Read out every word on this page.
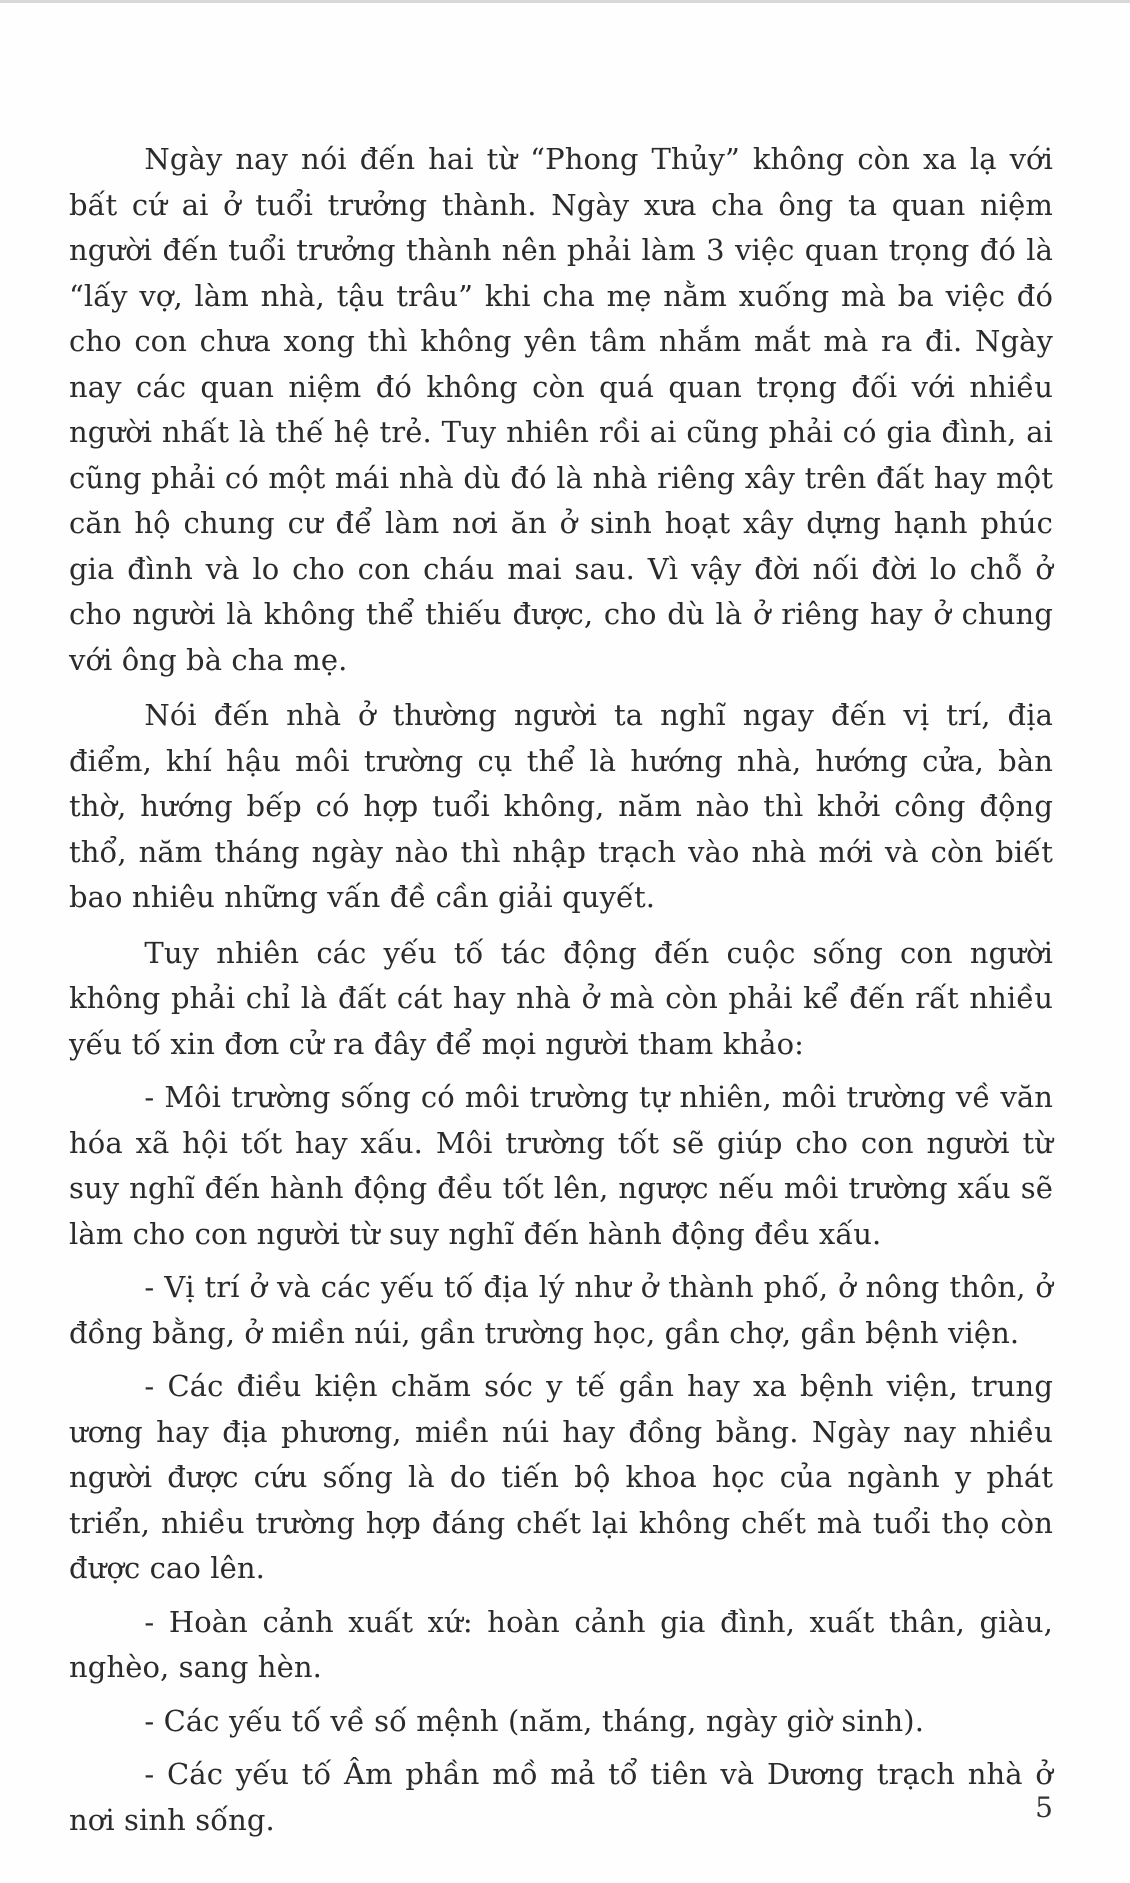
Ngày nay nói đến hai từ “Phong Thủy” không còn xa lạ với bất cứ ai ở tuổi trưởng thành. Ngày xưa cha ông ta quan niệm người đến tuổi trưởng thành nên phải làm 3 việc quan trọng đó là “lấy vợ, làm nhà, tậu trâu” khi cha mẹ nằm xuống mà ba việc đó cho con chưa xong thì không yên tâm nhắm mắt mà ra đi. Ngày nay các quan niệm đó không còn quá quan trọng đối với nhiều người nhất là thế hệ trẻ. Tuy nhiên rồi ai cũng phải có gia đình, ai cũng phải có một mái nhà dù đó là nhà riêng xây trên đất hay một căn hộ chung cư để làm nơi ăn ở sinh hoạt xây dựng hạnh phúc gia đình và lo cho con cháu mai sau. Vì vậy đời nối đời lo chỗ ở cho người là không thể thiếu được, cho dù là ở riêng hay ở chung với ông bà cha mẹ.

Nói đến nhà ở thường người ta nghĩ ngay đến vị trí, địa điểm, khí hậu môi trường cụ thể là hướng nhà, hướng cửa, bàn thờ, hướng bếp có hợp tuổi không, năm nào thì khởi công động thổ, năm tháng ngày nào thì nhập trạch vào nhà mới và còn biết bao nhiêu những vấn đề cần giải quyết.

Tuy nhiên các yếu tố tác động đến cuộc sống con người không phải chỉ là đất cát hay nhà ở mà còn phải kể đến rất nhiều yếu tố xin đơn cử ra đây để mọi người tham khảo:

- Môi trường sống có môi trường tự nhiên, môi trường về văn hóa xã hội tốt hay xấu. Môi trường tốt sẽ giúp cho con người từ suy nghĩ đến hành động đều tốt lên, ngược nếu môi trường xấu sẽ làm cho con người từ suy nghĩ đến hành động đều xấu.

- Vị trí ở và các yếu tố địa lý như ở thành phố, ở nông thôn, ở đồng bằng, ở miền núi, gần trường học, gần chợ, gần bệnh viện.

- Các điều kiện chăm sóc y tế gần hay xa bệnh viện, trung ương hay địa phương, miền núi hay đồng bằng. Ngày nay nhiều người được cứu sống là do tiến bộ khoa học của ngành y phát triển, nhiều trường hợp đáng chết lại không chết mà tuổi thọ còn được cao lên.

- Hoàn cảnh xuất xứ: hoàn cảnh gia đình, xuất thân, giàu, nghèo, sang hèn.

- Các yếu tố về số mệnh (năm, tháng, ngày giờ sinh).

- Các yếu tố Âm phần mồ mả tổ tiên và Dương trạch nhà ở nơi sinh sống.	5
